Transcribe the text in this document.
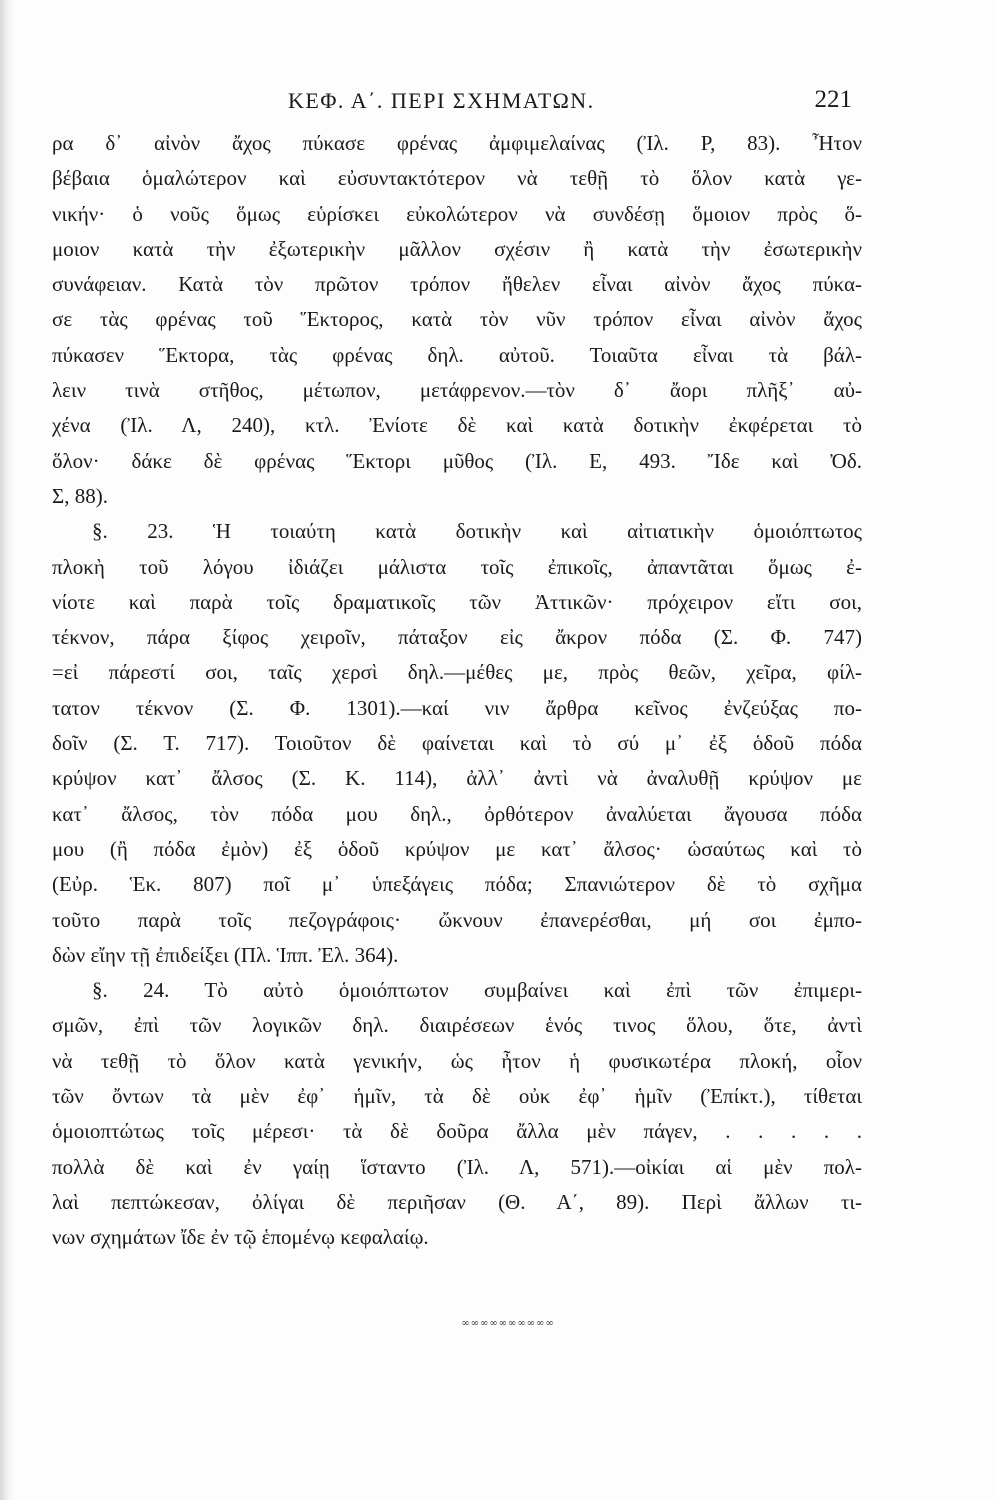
ΚΕΦ. Α΄. ΠΕΡΙ ΣΧΗΜΑΤΩΝ.	221
ρα δ᾽ αἰνὸν ἄχος πύκασε φρένας ἀμφιμελαίνας (Ἰλ. Ρ, 83). Ἦτον
βέβαια ὁμαλώτερον καὶ εὐσυντακτότερον νὰ τεθῇ τὸ ὅλον κατὰ γε-
νικήν· ὁ νοῦς ὅμως εὑρίσκει εὐκολώτερον νὰ συνδέσῃ ὅμοιον πρὸς ὅ-
μοιον κατὰ τὴν ἐξωτερικὴν μᾶλλον σχέσιν ἢ κατὰ τὴν ἐσωτερικὴν
συνάφειαν. Κατὰ τὸν πρῶτον τρόπον ἤθελεν εἶναι αἰνὸν ἄχος πύκα-
σε τὰς φρένας τοῦ Ἕκτορος, κατὰ τὸν νῦν τρόπον εἶναι αἰνὸν ἄχος
πύκασεν Ἕκτορα, τὰς φρένας δηλ. αὐτοῦ. Τοιαῦτα εἶναι τὰ βάλ-
λειν τινὰ στῆθος, μέτωπον, μετάφρενον.—τὸν δ᾽ ἄορι πλῆξ᾽ αὐ-
χένα (Ἰλ. Λ, 240), κτλ. Ἐνίοτε δὲ καὶ κατὰ δοτικὴν ἐκφέρεται τὸ
ὅλον· δάκε δὲ φρένας Ἕκτορι μῦθος (Ἰλ. Ε, 493. Ἴδε καὶ Ὀδ.
Σ, 88).
§. 23. Ἡ τοιαύτη κατὰ δοτικὴν καὶ αἰτιατικὴν ὁμοιόπτωτος
πλοκὴ τοῦ λόγου ἰδιάζει μάλιστα τοῖς ἐπικοῖς, ἀπαντᾶται ὅμως ἐ-
νίοτε καὶ παρὰ τοῖς δραματικοῖς τῶν Ἀττικῶν· πρόχειρον εἴτι σοι,
τέκνον, πάρα ξίφος χειροῖν, πάταξον εἰς ἄκρον πόδα (Σ. Φ. 747)
=εἰ πάρεστί σοι, ταῖς χερσὶ δηλ.—μέθες με, πρὸς θεῶν, χεῖρα, φίλ-
τατον τέκνον (Σ. Φ. 1301).—καί νιν ἄρθρα κεῖνος ἐνζεύξας πο-
δοῖν (Σ. Τ. 717). Τοιοῦτον δὲ φαίνεται καὶ τὸ σύ μ᾽ ἐξ ὁδοῦ πόδα
κρύψον κατ᾽ ἄλσος (Σ. Κ. 114), ἀλλ᾽ ἀντὶ νὰ ἀναλυθῇ κρύψον με
κατ᾽ ἄλσος, τὸν πόδα μου δηλ., ὀρθότερον ἀναλύεται ἄγουσα πόδα
μου (ἢ πόδα ἐμὸν) ἐξ ὁδοῦ κρύψον με κατ᾽ ἄλσος· ὡσαύτως καὶ τὸ
(Εὐρ. Ἑκ. 807) ποῖ μ᾽ ὑπεξάγεις πόδα; Σπανιώτερον δὲ τὸ σχῆμα
τοῦτο παρὰ τοῖς πεζογράφοις· ὤκνουν ἐπανερέσθαι, μή σοι ἐμπο-
δὼν εἴην τῇ ἐπιδείξει (Πλ. Ἱππ. Ἐλ. 364).
§. 24. Τὸ αὐτὸ ὁμοιόπτωτον συμβαίνει καὶ ἐπὶ τῶν ἐπιμερι-
σμῶν, ἐπὶ τῶν λογικῶν δηλ. διαιρέσεων ἑνός τινος ὅλου, ὅτε, ἀντὶ
νὰ τεθῇ τὸ ὅλον κατὰ γενικήν, ὡς ἦτον ἡ φυσικωτέρα πλοκή, οἷον
τῶν ὄντων τὰ μὲν ἐφ᾽ ἡμῖν, τὰ δὲ οὐκ ἐφ᾽ ἡμῖν (Ἐπίκτ.), τίθεται
ὁμοιοπτώτως τοῖς μέρεσι· τὰ δὲ δοῦρα ἄλλα μὲν πάγεν, . . . . .
πολλὰ δὲ καὶ ἐν γαίῃ ἵσταντο (Ἰλ. Λ, 571).—οἰκίαι αἱ μὲν πολ-
λαὶ πεπτώκεσαν, ὀλίγαι δὲ περιῆσαν (Θ. Α΄, 89). Περὶ ἄλλων τι-
νων σχημάτων ἴδε ἐν τῷ ἑπομένῳ κεφαλαίῳ.
∞∞∞∞∞∞∞∞∞∞
